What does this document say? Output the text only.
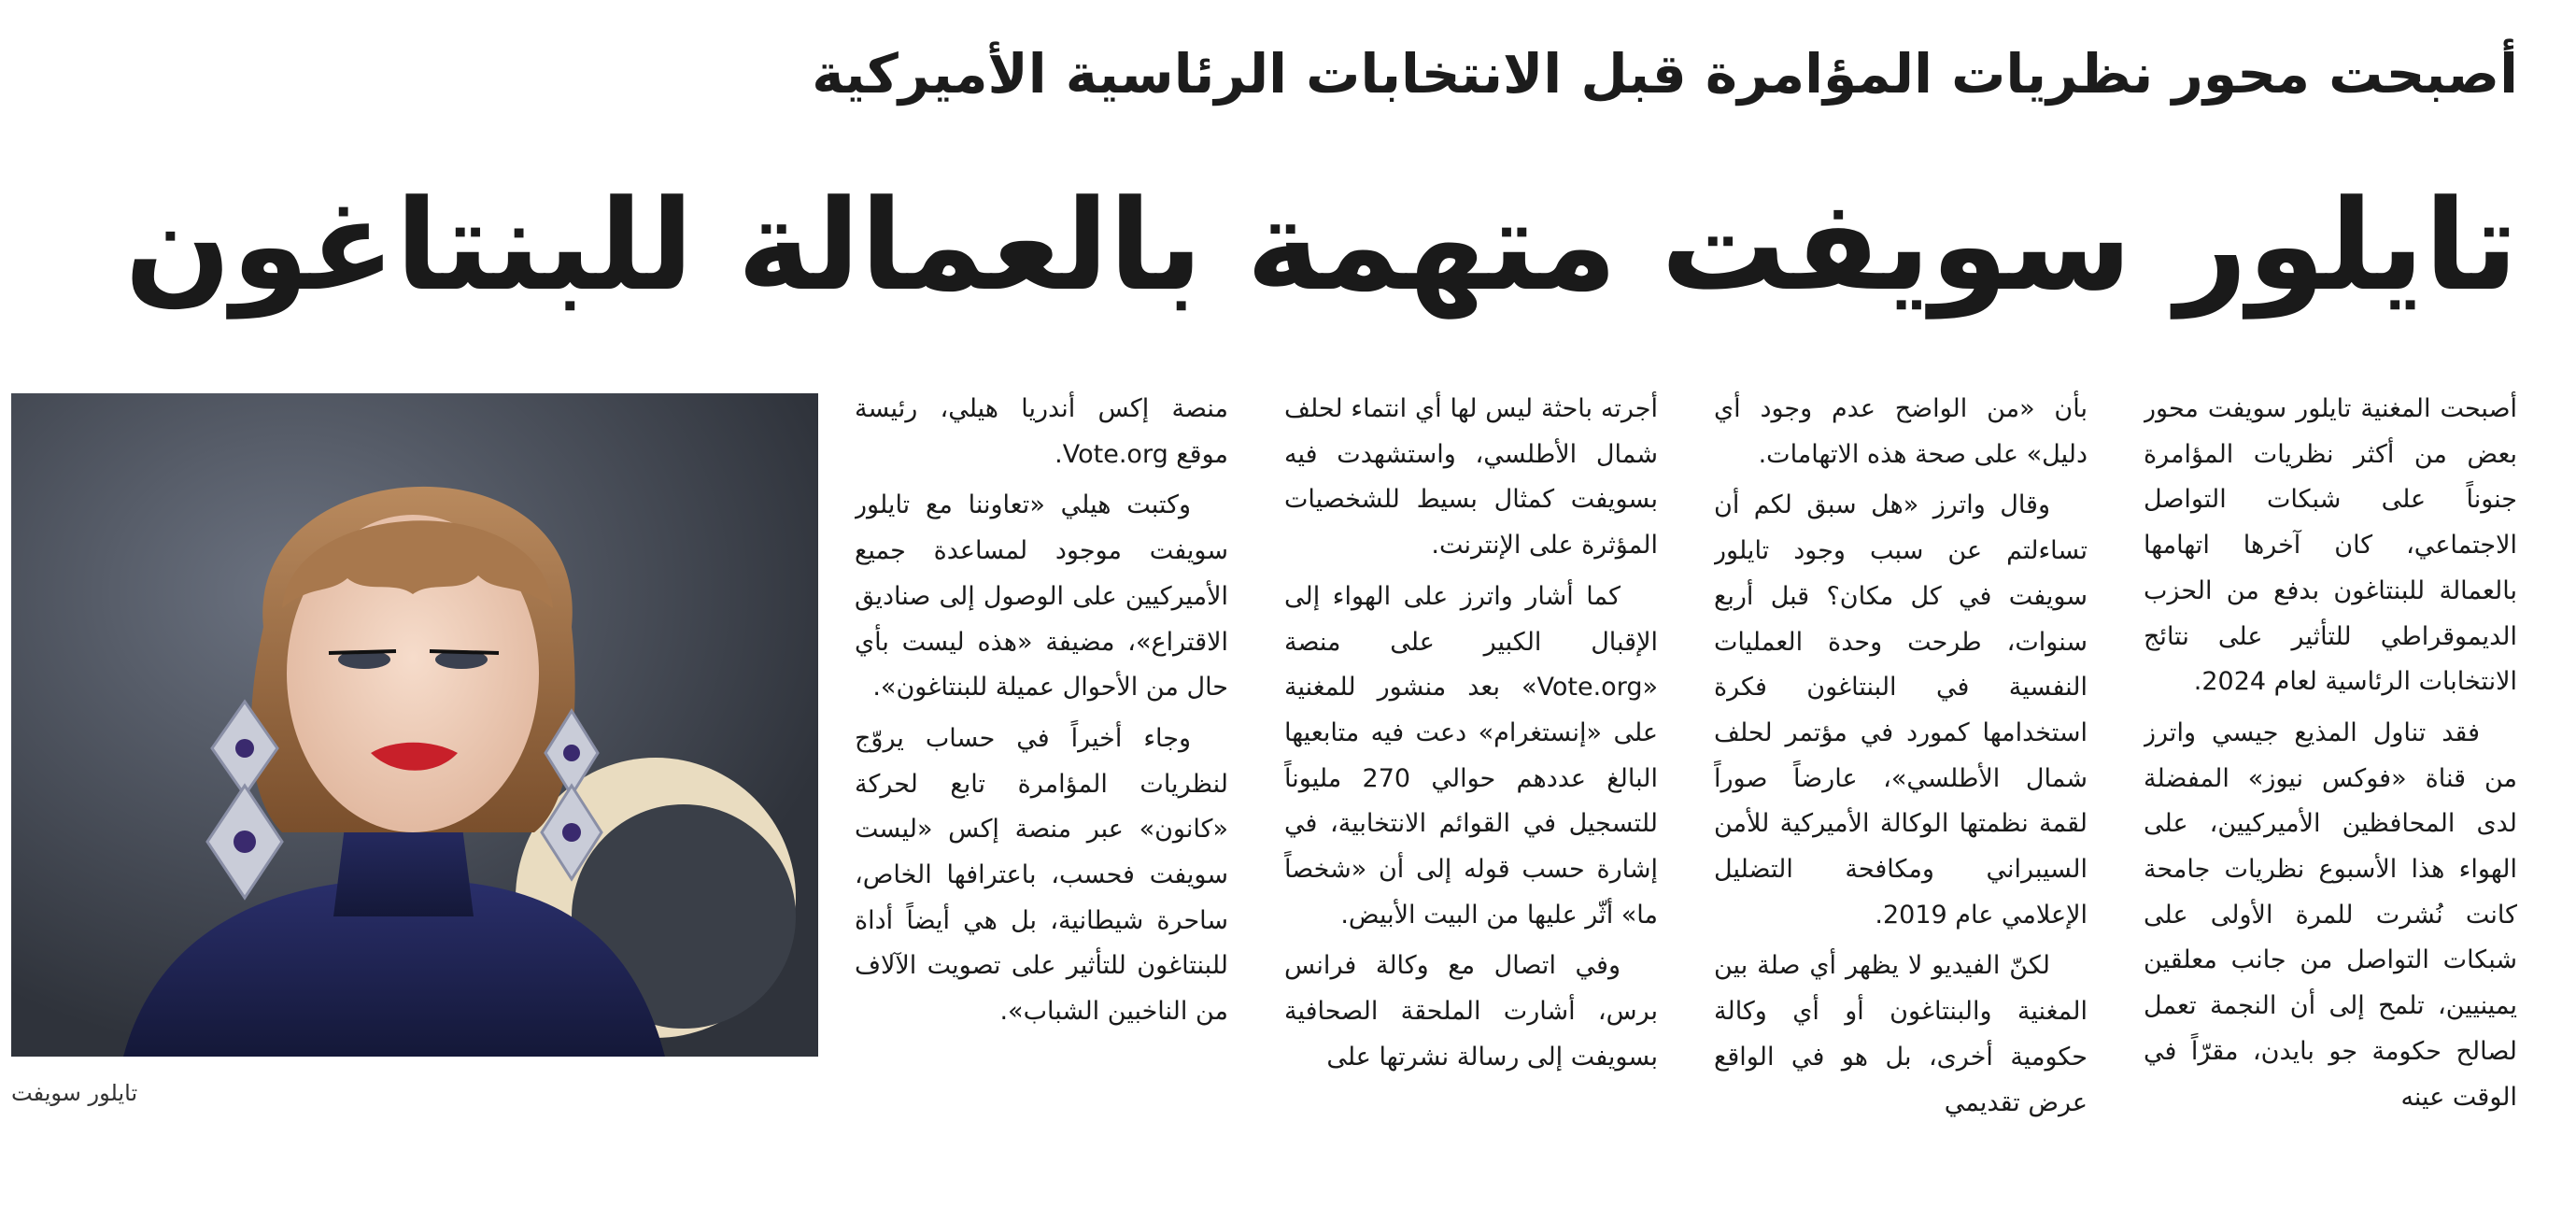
أصبحت محور نظريات المؤامرة قبل الانتخابات الرئاسية الأميركية
تايلور سويفت متهمة بالعمالة للبنتاغون

أصبحت المغنية تايلور سويفت محور بعض من أكثر نظريات المؤامرة جنوناً على شبكات التواصل الاجتماعي، كان آخرها اتهامها بالعمالة للبنتاغون بدفع من الحزب الديموقراطي للتأثير على نتائج الانتخابات الرئاسية لعام 2024.

فقد تناول المذيع جيسي واترز من قناة «فوكس نيوز» المفضلة لدى المحافظين الأميركيين، على الهواء هذا الأسبوع نظريات جامحة كانت نُشرت للمرة الأولى على شبكات التواصل من جانب معلقين يمينيين، تلمح إلى أن النجمة تعمل لصالح حكومة جو بايدن، مقرّاً في الوقت عينه

بأن «من الواضح عدم وجود أي دليل» على صحة هذه الاتهامات.

وقال واترز «هل سبق لكم أن تساءلتم عن سبب وجود تايلور سويفت في كل مكان؟ قبل أربع سنوات، طرحت وحدة العمليات النفسية في البنتاغون فكرة استخدامها كمورد في مؤتمر لحلف شمال الأطلسي»، عارضاً صوراً لقمة نظمتها الوكالة الأميركية للأمن السيبراني ومكافحة التضليل الإعلامي عام 2019.

لكنّ الفيديو لا يظهر أي صلة بين المغنية والبنتاغون أو أي وكالة حكومية أخرى، بل هو في الواقع عرض تقديمي

أجرته باحثة ليس لها أي انتماء لحلف شمال الأطلسي، واستشهدت فيه بسويفت كمثال بسيط للشخصيات المؤثرة على الإنترنت.

كما أشار واترز على الهواء إلى الإقبال الكبير على منصة «Vote.org» بعد منشور للمغنية على «إنستغرام» دعت فيه متابعيها البالغ عددهم حوالي 270 مليوناً للتسجيل في القوائم الانتخابية، في إشارة حسب قوله إلى أن «شخصاً ما» أثّر عليها من البيت الأبيض.

وفي اتصال مع وكالة فرانس برس، أشارت الملحقة الصحافية بسويفت إلى رسالة نشرتها على

منصة إكس أندريا هيلي، رئيسة موقع Vote.org.

وكتبت هيلي «تعاوننا مع تايلور سويفت موجود لمساعدة جميع الأميركيين على الوصول إلى صناديق الاقتراع»، مضيفة «هذه ليست بأي حال من الأحوال عميلة للبنتاغون».

وجاء أخيراً في حساب يروّج لنظريات المؤامرة تابع لحركة «كانون» عبر منصة إكس «ليست سويفت فحسب، باعترافها الخاص، ساحرة شيطانية، بل هي أيضاً أداة للبنتاغون للتأثير على تصويت الآلاف من الناخبين الشباب».

تايلور سويفت
